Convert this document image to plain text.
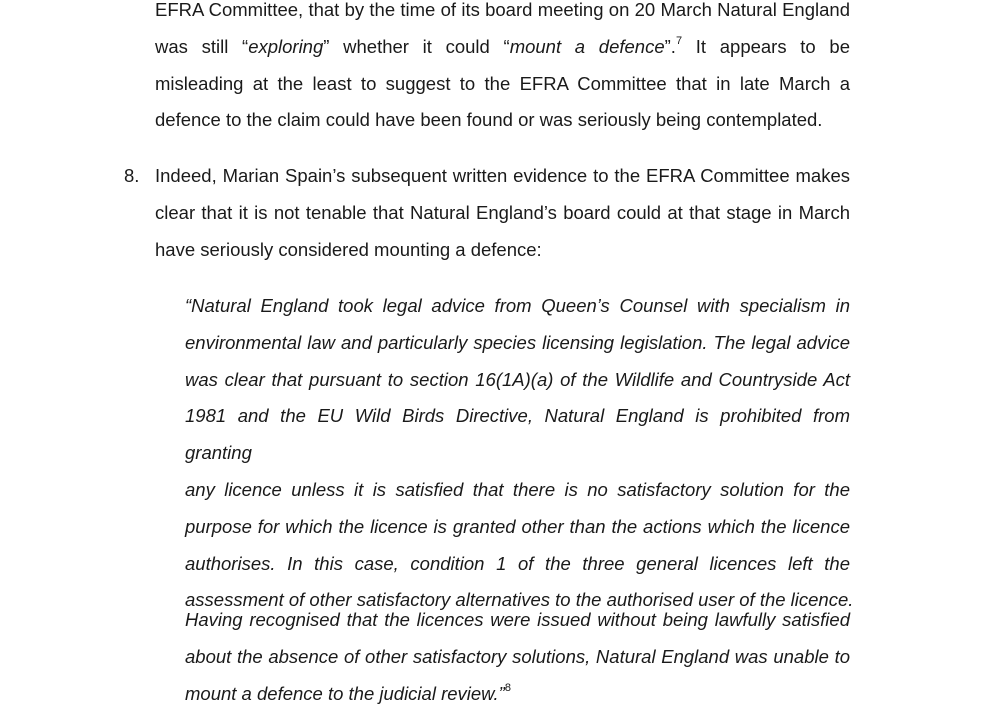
EFRA Committee, that by the time of its board meeting on 20 March Natural England
was still “exploring” whether it could “mount a defence”.$^7$ It appears to be
misleading at the least to suggest to the EFRA Committee that in late March a
defence to the claim could have been found or was seriously being contemplated.
8. Indeed, Marian Spain’s subsequent written evidence to the EFRA Committee makes
clear that it is not tenable that Natural England’s board could at that stage in March
have seriously considered mounting a defence:
“Natural England took legal advice from Queen’s Counsel with specialism in
environmental law and particularly species licensing legislation. The legal advice
was clear that pursuant to section 16(1A)(a) of the Wildlife and Countryside Act
1981 and the EU Wild Birds Directive, Natural England is prohibited from granting
any licence unless it is satisfied that there is no satisfactory solution for the
purpose for which the licence is granted other than the actions which the licence
authorises. In this case, condition 1 of the three general licences left the
assessment of other satisfactory alternatives to the authorised user of the licence.
Having recognised that the licences were issued without being lawfully satisfied
about the absence of other satisfactory solutions, Natural England was unable to
mount a defence to the judicial review.”$^8$
